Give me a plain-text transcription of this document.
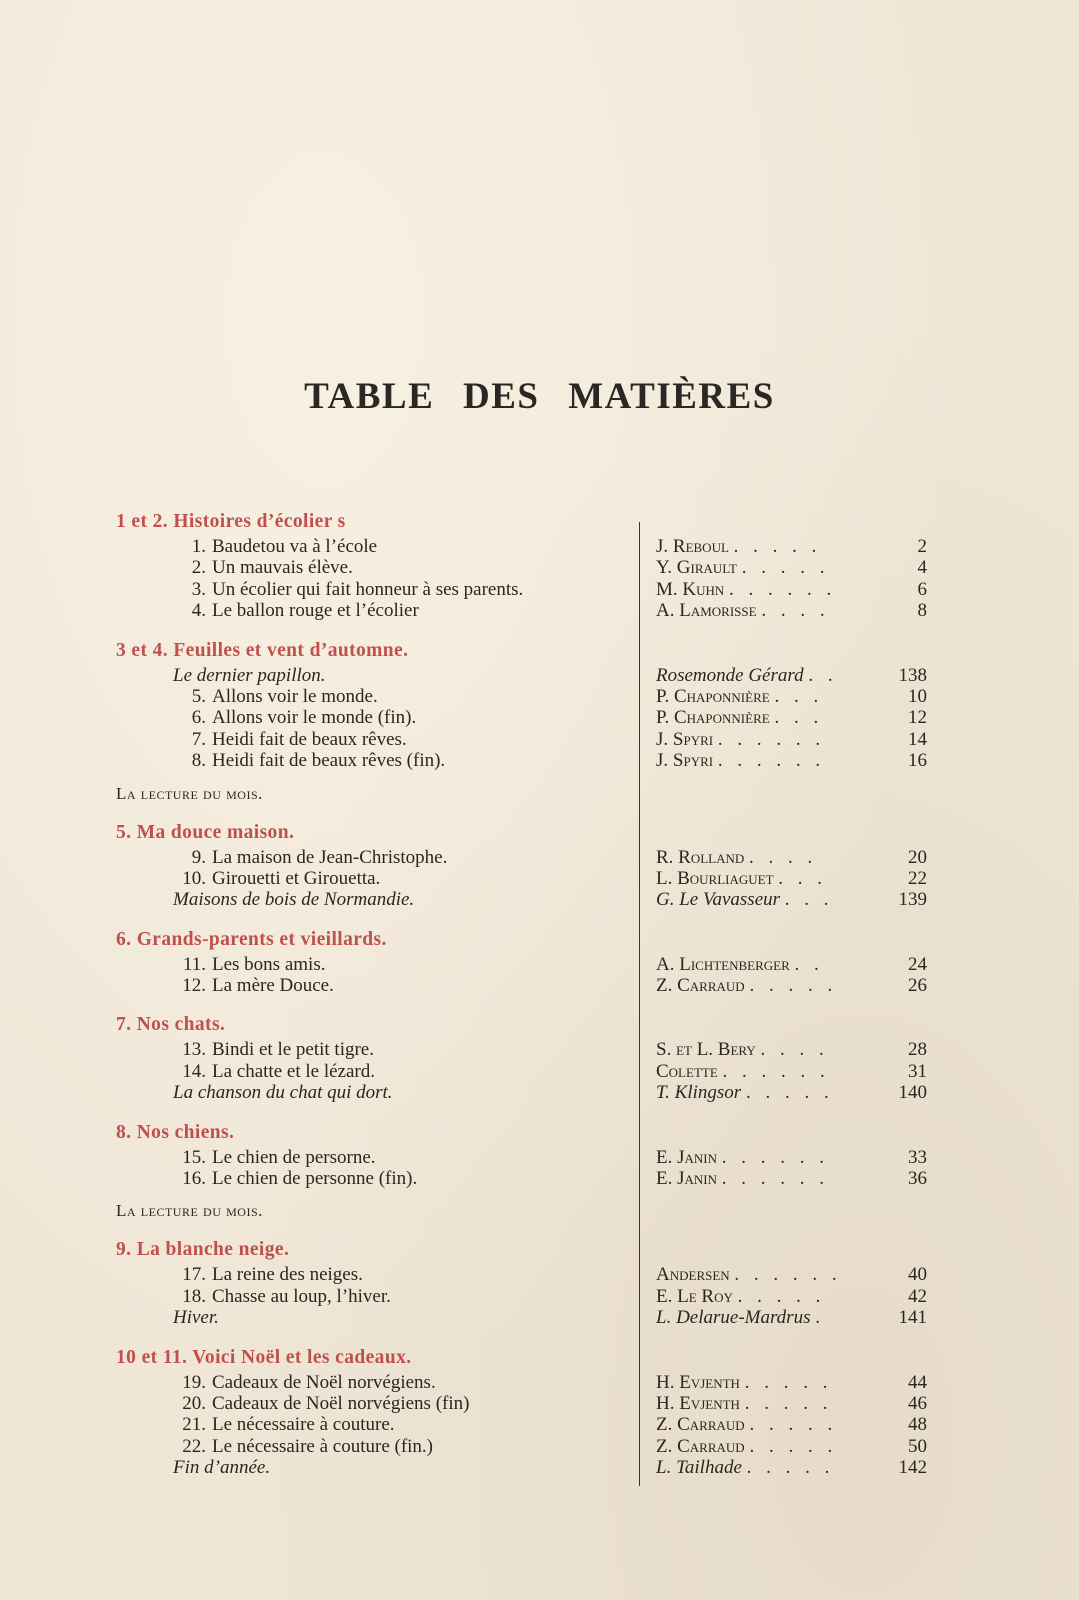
TABLE DES MATIÈRES
1 et 2. Histoires d’écolier s
1. Baudetou va à l’école	J. Reboul . . . . .	2
2. Un mauvais élève.	Y. Girault . . . . .	4
3. Un écolier qui fait honneur à ses parents.	M. Kuhn . . . . . .	6
4. Le ballon rouge et l’écolier	A. Lamorisse . . . .	8
3 et 4. Feuilles et vent d’automne.
Le dernier papillon.	Rosemonde Gérard . .	138
5. Allons voir le monde.	P. Chaponnière . . .	10
6. Allons voir le monde (fin).	P. Chaponnière . . .	12
7. Heidi fait de beaux rêves.	J. Spyri . . . . . .	14
8. Heidi fait de beaux rêves (fin).	J. Spyri . . . . . .	16
La lecture du mois.
5. Ma douce maison.
9. La maison de Jean-Christophe.	R. Rolland . . . .	20
10. Girouetti et Girouetta.	L. Bourliaguet . . .	22
Maisons de bois de Normandie.	G. Le Vavasseur . . .	139
6. Grands-parents et vieillards.
11. Les bons amis.	A. Lichtenberger . .	24
12. La mère Douce.	Z. Carraud . . . . .	26
7. Nos chats.
13. Bindi et le petit tigre.	S. et L. Bery . . . .	28
14. La chatte et le lézard.	Colette . . . . . .	31
La chanson du chat qui dort.	T. Klingsor . . . . .	140
8. Nos chiens.
15. Le chien de persorne.	E. Janin . . . . . .	33
16. Le chien de personne (fin).	E. Janin . . . . . .	36
La lecture du mois.
9. La blanche neige.
17. La reine des neiges.	Andersen . . . . . .	40
18. Chasse au loup, l’hiver.	E. Le Roy . . . . .	42
Hiver.	L. Delarue-Mardrus .	141
10 et 11. Voici Noël et les cadeaux.
19. Cadeaux de Noël norvégiens.	H. Evjenth . . . . .	44
20. Cadeaux de Noël norvégiens (fin)	H. Evjenth . . . . .	46
21. Le nécessaire à couture.	Z. Carraud . . . . .	48
22. Le nécessaire à couture (fin.)	Z. Carraud . . . . .	50
Fin d’année.	L. Tailhade . . . . .	142
